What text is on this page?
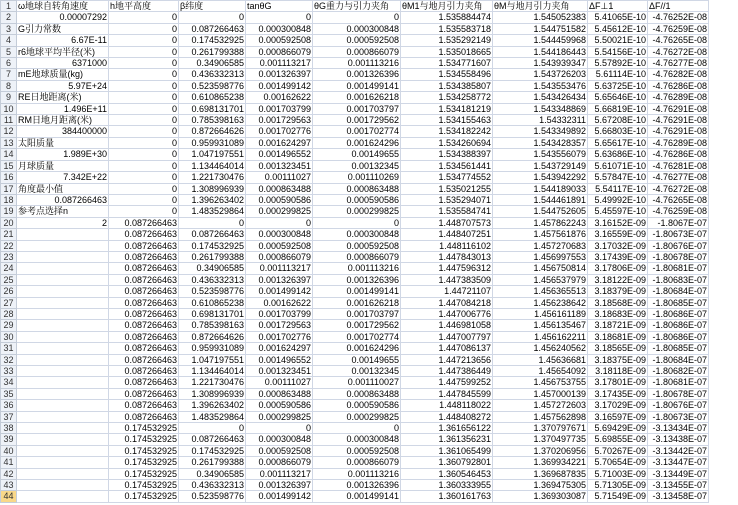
1	ω地球自转角速度	h地平高度	β纬度	tanθG	θG重力与引力夹角	θM1与地月引力夹角	θM与地月引力夹角	ΔF⊥1	ΔF//1
2	0.00007292	0	0	0	0	1.535884474	1.545052383	5.41065E-10	-4.76252E-08
3	G引力常数	0	0.087266463	0.000300848	0.000300848	1.535583718	1.544751582	5.45612E-10	-4.76259E-08
4	6.67E-11	0	0.174532925	0.000592508	0.000592508	1.535292149	1.544459968	5.50021E-10	-4.76265E-08
5	r6地球平均半径(米)	0	0.261799388	0.000866079	0.000866079	1.535018665	1.544186443	5.54156E-10	-4.76272E-08
6	6371000	0	0.34906585	0.001113217	0.001113216	1.534771607	1.543939347	5.57892E-10	-4.76277E-08
7	mE地球质量(kg)	0	0.436332313	0.001326397	0.001326396	1.534558496	1.543726203	5.61114E-10	-4.76282E-08
8	5.97E+24	0	0.523598776	0.001499142	0.001499141	1.534385807	1.543553476	5.63725E-10	-4.76286E-08
9	RE日地距离(米)	0	0.610865238	0.00162622	0.001626218	1.534258772	1.543426434	5.65646E-10	-4.76289E-08
10	1.496E+11	0	0.698131701	0.001703799	0.001703797	1.534181219	1.543348869	5.66819E-10	-4.76291E-08
11	RM日地月距离(米)	0	0.785398163	0.001729563	0.001729562	1.534155463	1.54332311	5.67208E-10	-4.76291E-08
12	384400000	0	0.872664626	0.001702776	0.001702774	1.534182242	1.543349892	5.66803E-10	-4.76291E-08
13	太阳质量	0	0.959931089	0.001624297	0.001624296	1.534260694	1.543428357	5.65617E-10	-4.76289E-08
14	1.989E+30	0	1.047197551	0.001496552	0.00149655	1.534388397	1.543556079	5.63686E-10	-4.76286E-08
15	月球质量	0	1.134464014	0.001323451	0.00132345	1.534561441	1.543729149	5.61071E-10	-4.76281E-08
16	7.342E+22	0	1.221730476	0.00111027	0.001110269	1.534774552	1.543942292	5.57847E-10	-4.76277E-08
17	角度最小值	0	1.308996939	0.000863488	0.000863488	1.535021255	1.544189033	5.54117E-10	-4.76272E-08
18	0.087266463	0	1.396263402	0.000590586	0.000590586	1.535294071	1.544461891	5.49992E-10	-4.76265E-08
19	参考点选择n	0	1.483529864	0.000299825	0.000299825	1.535584741	1.544752605	5.45597E-10	-4.76259E-08
20	2	0.087266463	0	0	0	1.448707573	1.457862243	3.16152E-09	-1.8067E-07
21		0.087266463	0.087266463	0.000300848	0.000300848	1.448407251	1.457561876	3.16559E-09	-1.80673E-07
22		0.087266463	0.174532925	0.000592508	0.000592508	1.448116102	1.457270683	3.17032E-09	-1.80676E-07
23		0.087266463	0.261799388	0.000866079	0.000866079	1.447843013	1.456997553	3.17439E-09	-1.80678E-07
24		0.087266463	0.34906585	0.001113217	0.001113216	1.447596312	1.456750814	3.17806E-09	-1.80681E-07
25		0.087266463	0.436332313	0.001326397	0.001326396	1.447383509	1.456537979	3.18122E-09	-1.80683E-07
26		0.087266463	0.523598776	0.001499142	0.001499141	1.44721107	1.456365513	3.18379E-09	-1.80684E-07
27		0.087266463	0.610865238	0.00162622	0.001626218	1.447084218	1.456238642	3.18568E-09	-1.80685E-07
28		0.087266463	0.698131701	0.001703799	0.001703797	1.447006776	1.456161189	3.18683E-09	-1.80686E-07
29		0.087266463	0.785398163	0.001729563	0.001729562	1.446981058	1.456135467	3.18721E-09	-1.80686E-07
30		0.087266463	0.872664626	0.001702776	0.001702774	1.447007797	1.456162211	3.18681E-09	-1.80686E-07
31		0.087266463	0.959931089	0.001624297	0.001624296	1.447086137	1.456240562	3.18565E-09	-1.80685E-07
32		0.087266463	1.047197551	0.001496552	0.00149655	1.447213656	1.45636681	3.18375E-09	-1.80684E-07
33		0.087266463	1.134464014	0.001323451	0.00132345	1.447386449	1.45654092	3.18118E-09	-1.80682E-07
34		0.087266463	1.221730476	0.00111027	0.001110027	1.447599252	1.456753755	3.17801E-09	-1.80681E-07
35		0.087266463	1.308996939	0.000863488	0.000863488	1.447845599	1.457000139	3.17435E-09	-1.80678E-07
36		0.087266463	1.396263402	0.000590586	0.000590586	1.448118022	1.457272603	3.17029E-09	-1.80676E-07
37		0.087266463	1.483529864	0.000299825	0.000299825	1.448408272	1.457562898	3.16597E-09	-1.80673E-07
38		0.174532925	0	0	0	1.361656122	1.370797671	5.69429E-09	-3.13434E-07
39		0.174532925	0.087266463	0.000300848	0.000300848	1.361356231	1.370497735	5.69855E-09	-3.13438E-07
40		0.174532925	0.174532925	0.000592508	0.000592508	1.361065499	1.370206956	5.70267E-09	-3.13442E-07
41		0.174532925	0.261799388	0.000866079	0.000866079	1.360792801	1.369934221	5.70654E-09	-3.13447E-07
42		0.174532925	0.34906585	0.001113217	0.001113216	1.360546453	1.369687835	5.71003E-09	-3.13449E-07
43		0.174532925	0.436332313	0.001326397	0.001326396	1.360333955	1.369475305	5.71305E-09	-3.13455E-07
44		0.174532925	0.523598776	0.001499142	0.001499141	1.360161763	1.369303087	5.71549E-09	-3.13458E-07
